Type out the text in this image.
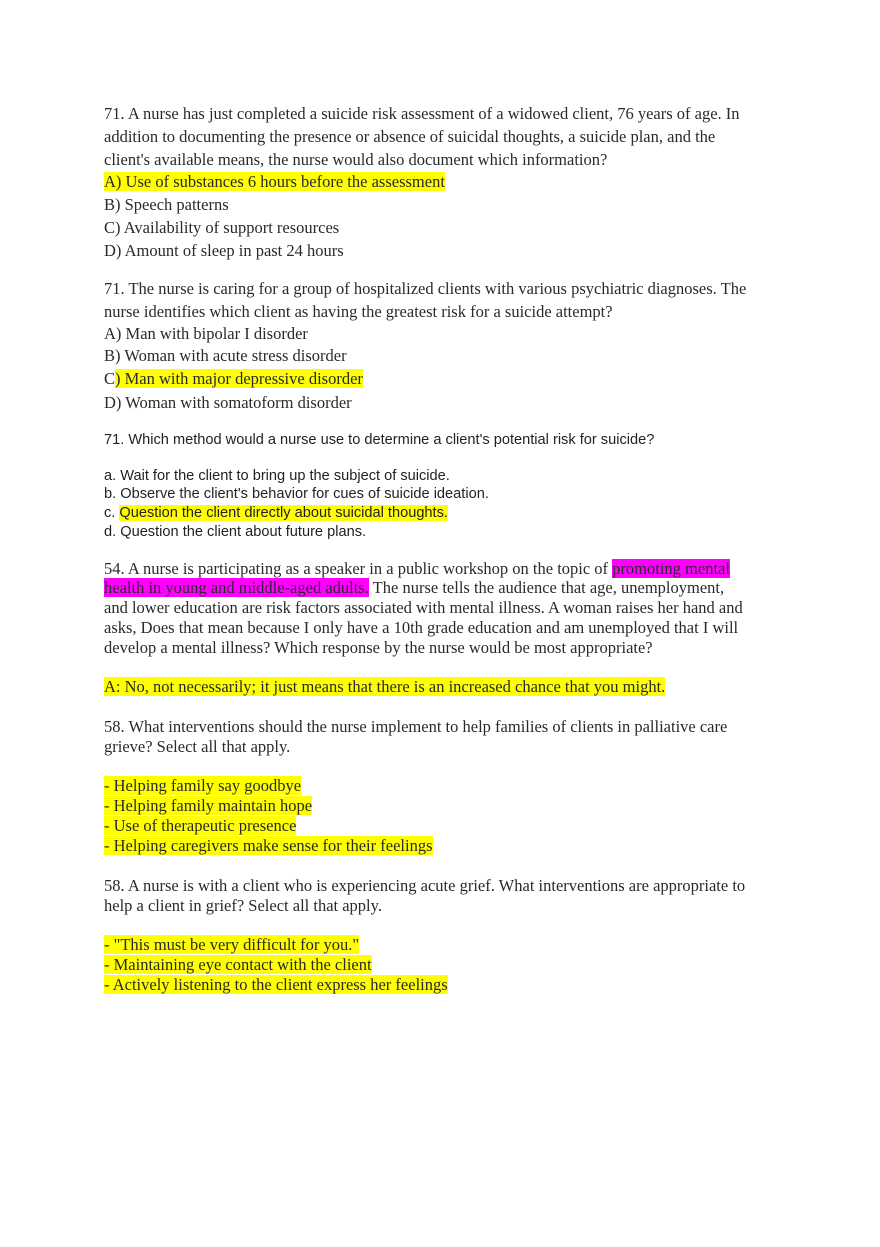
71. A nurse has just completed a suicide risk assessment of a widowed client, 76 years of age. In

addition to documenting the presence or absence of suicidal thoughts, a suicide plan, and the

client's available means, the nurse would also document which information?

A) Use of substances 6 hours before the assessment

B) Speech patterns

C) Availability of support resources

D) Amount of sleep in past 24 hours

71. The nurse is caring for a group of hospitalized clients with various psychiatric diagnoses. The

nurse identifies which client as having the greatest risk for a suicide attempt?

A) Man with bipolar I disorder

B) Woman with acute stress disorder

C) Man with major depressive disorder

D) Woman with somatoform disorder

71. Which method would a nurse use to determine a client's potential risk for suicide?

a. Wait for the client to bring up the subject of suicide.

b. Observe the client's behavior for cues of suicide ideation.

c. Question the client directly about suicidal thoughts.

d. Question the client about future plans.

54. A nurse is participating as a speaker in a public workshop on the topic of promoting mental

health in young and middle-aged adults. The nurse tells the audience that age, unemployment,

and lower education are risk factors associated with mental illness. A woman raises her hand and

asks, Does that mean because I only have a 10th grade education and am unemployed that I will

develop a mental illness? Which response by the nurse would be most appropriate?

A: No, not necessarily; it just means that there is an increased chance that you might.

58. What interventions should the nurse implement to help families of clients in palliative care

grieve? Select all that apply.

- Helping family say goodbye

- Helping family maintain hope

- Use of therapeutic presence

- Helping caregivers make sense for their feelings

58. A nurse is with a client who is experiencing acute grief. What interventions are appropriate to

help a client in grief? Select all that apply.

- "This must be very difficult for you."

- Maintaining eye contact with the client

- Actively listening to the client express her feelings
